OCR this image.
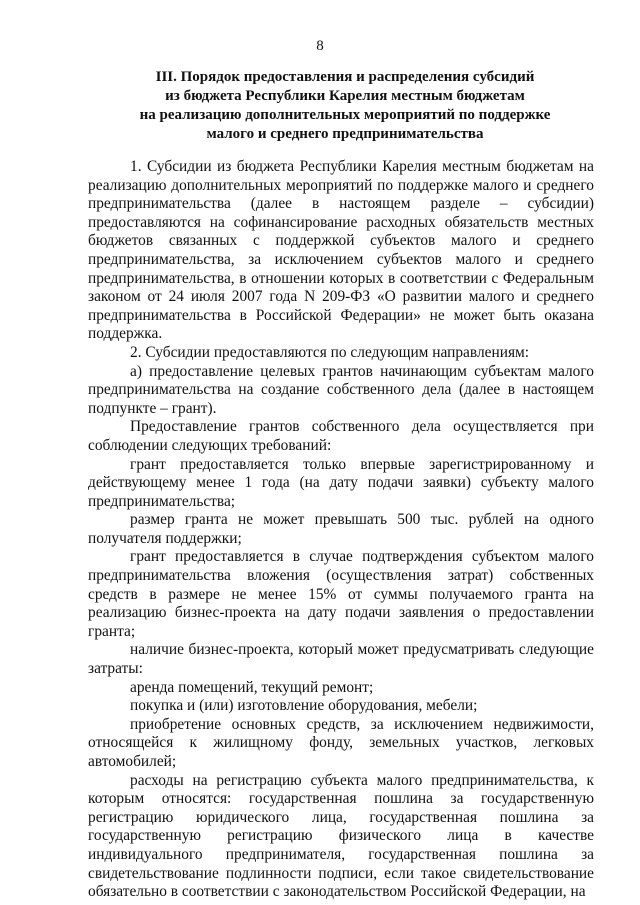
8
III. Порядок предоставления и распределения субсидий
из бюджета Республики Карелия местным бюджетам
на реализацию дополнительных мероприятий по поддержке
малого и среднего предпринимательства

1. Субсидии из бюджета Республики Карелия местным бюджетам на реализацию дополнительных мероприятий по поддержке малого и среднего предпринимательства (далее в настоящем разделе – субсидии) предоставляются на софинансирование расходных обязательств местных бюджетов связанных с поддержкой субъектов малого и среднего предпринимательства, за исключением субъектов малого и среднего предпринимательства, в отношении которых в соответствии с Федеральным законом от 24 июля 2007 года N 209-ФЗ «О развитии малого и среднего предпринимательства в Российской Федерации» не может быть оказана поддержка.

2. Субсидии предоставляются по следующим направлениям:

а) предоставление целевых грантов начинающим субъектам малого предпринимательства на создание собственного дела (далее в настоящем подпункте – грант).

Предоставление грантов собственного дела осуществляется при соблюдении следующих требований:

грант предоставляется только впервые зарегистрированному и действующему менее 1 года (на дату подачи заявки) субъекту малого предпринимательства;

размер гранта не может превышать 500 тыс. рублей на одного получателя поддержки;

грант предоставляется в случае подтверждения субъектом малого предпринимательства вложения (осуществления затрат) собственных средств в размере не менее 15% от суммы получаемого гранта на реализацию бизнес-проекта на дату подачи заявления о предоставлении гранта;

наличие бизнес-проекта, который может предусматривать следующие затраты:

аренда помещений, текущий ремонт;

покупка и (или) изготовление оборудования, мебели;

приобретение основных средств, за исключением недвижимости, относящейся к жилищному фонду, земельных участков, легковых автомобилей;

расходы на регистрацию субъекта малого предпринимательства, к которым относятся: государственная пошлина за государственную регистрацию юридического лица, государственная пошлина за государственную регистрацию физического лица в качестве индивидуального предпринимателя, государственная пошлина за свидетельствование подлинности подписи, если такое свидетельствование обязательно в соответствии с законодательством Российской Федерации, на
